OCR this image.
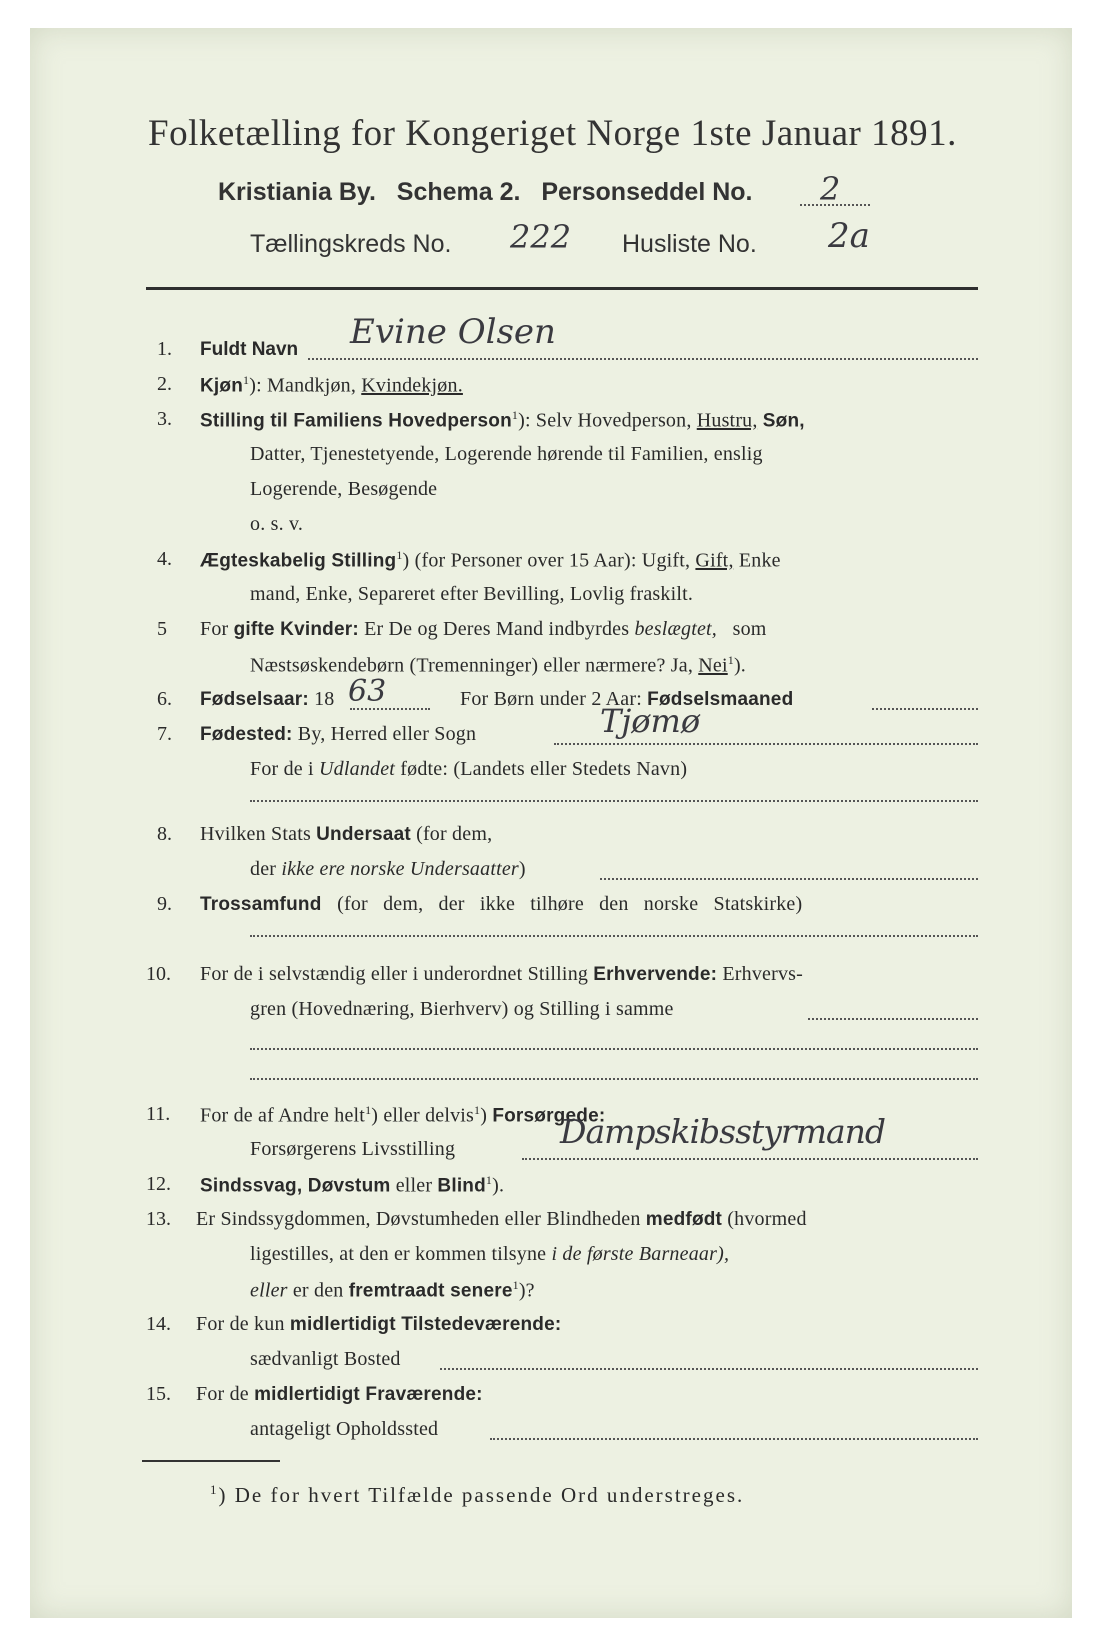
Folketælling for Kongeriget Norge 1ste Januar 1891.
Kristiania By. Schema 2. Personseddel No. 2
Tællingskreds No. 222 Husliste No. 2a
1. Fuldt Navn Evine Olsen
2. Kjøn$^1$): Mandkjøn, Kvindekjøn.
3. Stilling til Familiens Hovedperson$^1$): Selv Hovedperson, Hustru, Søn,
Datter, Tjenestetyende, Logerende hørende til Familien, enslig
Logerende, Besøgende
o. s. v.
4. Ægteskabelig Stilling$^1$) (for Personer over 15 Aar): Ugift, Gift, Enke
mand, Enke, Separeret efter Bevilling, Lovlig fraskilt.
5 For gifte Kvinder: Er De og Deres Mand indbyrdes beslægtet, som
Næstsøskendebørn (Tremenninger) eller nærmere? Ja, Nei$^1$).
6. Fødselsaar: 18 63	For Børn under 2 Aar: Fødselsmaaned
7. Fødested: By, Herred eller Sogn	Tjømø
For de i Udlandet fødte: (Landets eller Stedets Navn)
8. Hvilken Stats Undersaat (for dem,
der ikke ere norske Undersaatter)
9. Trossamfund (for dem, der ikke tilhøre den norske Statskirke)
10. For de i selvstændig eller i underordnet Stilling Erhvervende: Erhvervs-
gren (Hovednæring, Bierhverv) og Stilling i samme
11. For de af Andre helt$^1$) eller delvis$^1$) Forsørgede:
Forsørgerens Livsstilling	Dampskibsstyrmand
12. Sindssvag, Døvstum eller Blind$^1$).
13. Er Sindssygdommen, Døvstumheden eller Blindheden medfødt (hvormed
ligestilles, at den er kommen tilsyne i de første Barneaar),
eller er den fremtraadt senere$^1$)?
14. For de kun midlertidigt Tilstedeværende:
sædvanligt Bosted
15. For de midlertidigt Fraværende:
antageligt Opholdssted
$^1$) De for hvert Tilfælde passende Ord understreges.
